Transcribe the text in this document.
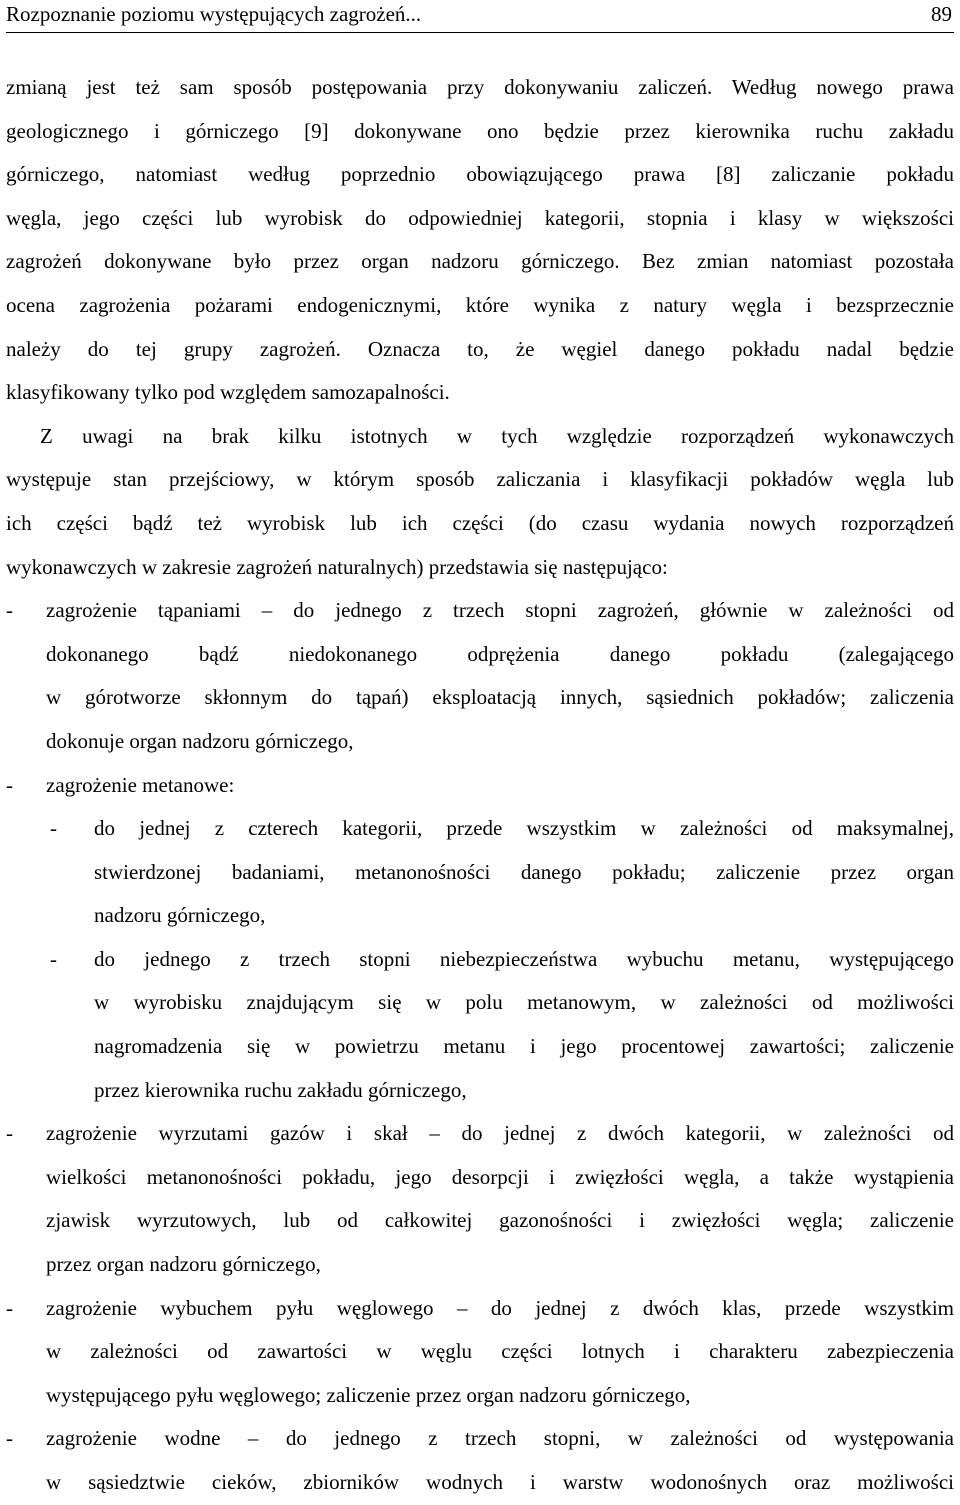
Rozpoznanie poziomu występujących zagrożeń...	89
zmianą jest też sam sposób postępowania przy dokonywaniu zaliczeń. Według nowego prawa
geologicznego i górniczego [9] dokonywane ono będzie przez kierownika ruchu zakładu
górniczego, natomiast według poprzednio obowiązującego prawa [8] zaliczanie pokładu
węgla, jego części lub wyrobisk do odpowiedniej kategorii, stopnia i klasy w większości
zagrożeń dokonywane było przez organ nadzoru górniczego. Bez zmian natomiast pozostała
ocena zagrożenia pożarami endogenicznymi, które wynika z natury węgla i bezsprzecznie
należy do tej grupy zagrożeń. Oznacza to, że węgiel danego pokładu nadal będzie
klasyfikowany tylko pod względem samozapalności.
Z uwagi na brak kilku istotnych w tych względzie rozporządzeń wykonawczych
występuje stan przejściowy, w którym sposób zaliczania i klasyfikacji pokładów węgla lub
ich części bądź też wyrobisk lub ich części (do czasu wydania nowych rozporządzeń
wykonawczych w zakresie zagrożeń naturalnych) przedstawia się następująco:
-	zagrożenie tąpaniami – do jednego z trzech stopni zagrożeń, głównie w zależności od
dokonanego bądź niedokonanego odprężenia danego pokładu (zalegającego
w górotworze skłonnym do tąpań) eksploatacją innych, sąsiednich pokładów; zaliczenia
dokonuje organ nadzoru górniczego,
-	zagrożenie metanowe:
-	do jednej z czterech kategorii, przede wszystkim w zależności od maksymalnej,
stwierdzonej badaniami, metanonośności danego pokładu; zaliczenie przez organ
nadzoru górniczego,
-	do jednego z trzech stopni niebezpieczeństwa wybuchu metanu, występującego
w wyrobisku znajdującym się w polu metanowym, w zależności od możliwości
nagromadzenia się w powietrzu metanu i jego procentowej zawartości; zaliczenie
przez kierownika ruchu zakładu górniczego,
-	zagrożenie wyrzutami gazów i skał – do jednej z dwóch kategorii, w zależności od
wielkości metanonośności pokładu, jego desorpcji i zwięzłości węgla, a także wystąpienia
zjawisk wyrzutowych, lub od całkowitej gazonośności i zwięzłości węgla; zaliczenie
przez organ nadzoru górniczego,
-	zagrożenie wybuchem pyłu węglowego – do jednej z dwóch klas, przede wszystkim
w zależności od zawartości w węglu części lotnych i charakteru zabezpieczenia
występującego pyłu węglowego; zaliczenie przez organ nadzoru górniczego,
-	zagrożenie wodne – do jednego z trzech stopni, w zależności od występowania
w sąsiedztwie cieków, zbiorników wodnych i warstw wodonośnych oraz możliwości
